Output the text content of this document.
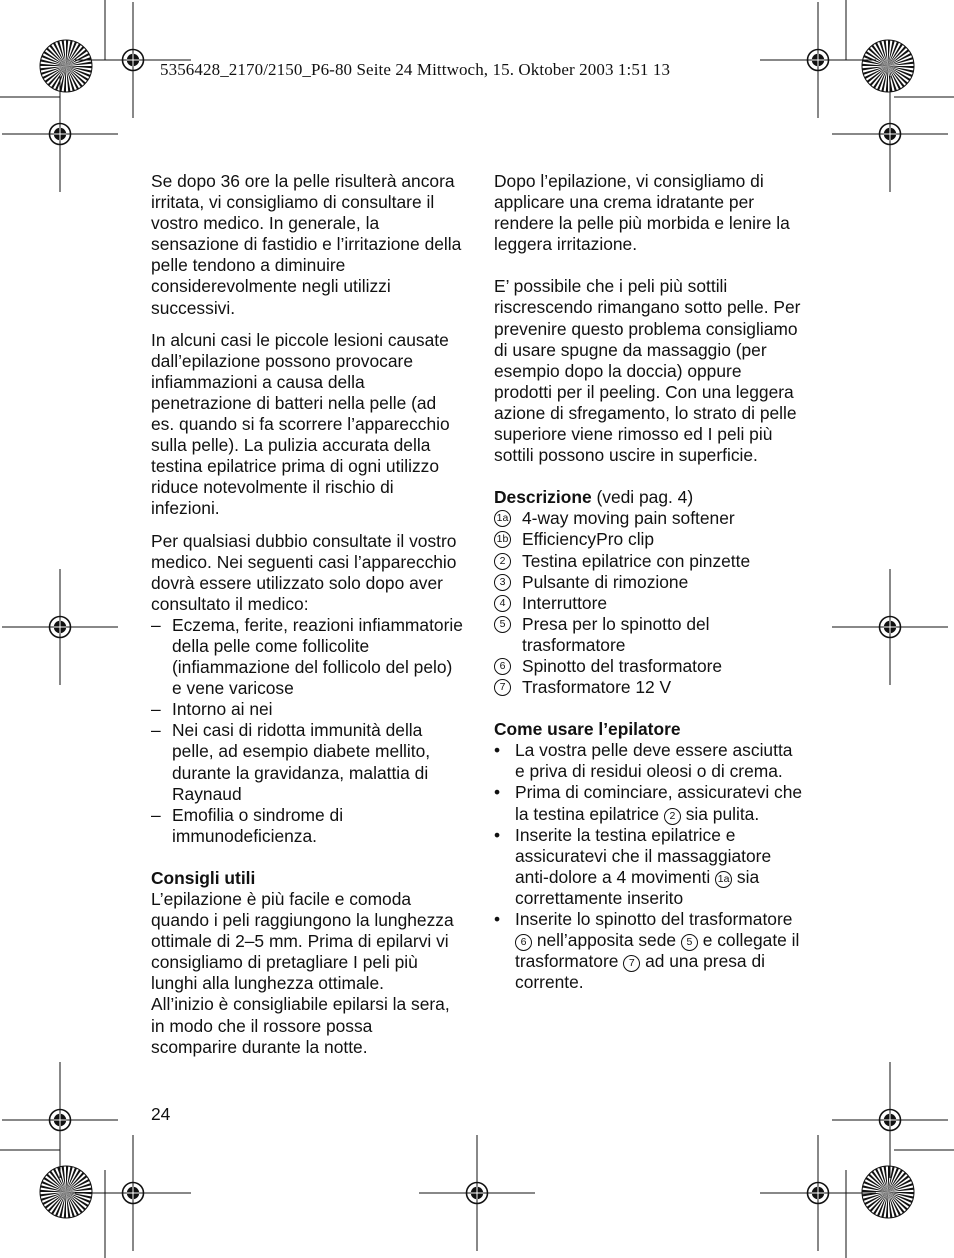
5356428_2170/2150_P6-80 Seite 24 Mittwoch, 15. Oktober 2003 1:51 13

Se dopo 36 ore la pelle risulterà ancora irritata, vi consigliamo di consultare il vostro medico. In generale, la sensazione di fastidio e l’irritazione della pelle tendono a diminuire considerevolmente negli utilizzi successivi.

In alcuni casi le piccole lesioni causate dall’epilazione possono provocare infiammazioni a causa della penetrazione di batteri nella pelle (ad es. quando si fa scorrere l’apparecchio sulla pelle). La pulizia accurata della testina epilatrice prima di ogni utilizzo riduce notevolmente il rischio di infezioni.

Per qualsiasi dubbio consultate il vostro medico. Nei seguenti casi l’apparecchio dovrà essere utilizzato solo dopo aver consultato il medico:

– Eczema, ferite, reazioni infiammatorie della pelle come follicolite (infiammazione del follicolo del pelo) e vene varicose
– Intorno ai nei
– Nei casi di ridotta immunità della pelle, ad esempio diabete mellito, durante la gravidanza, malattia di Raynaud
– Emofilia o sindrome di immunodeficienza.

Consigli utili

L’epilazione è più facile e comoda quando i peli raggiungono la lunghezza ottimale di 2–5 mm. Prima di epilarvi vi consigliamo di pretagliare I peli più lunghi alla lunghezza ottimale.

All’inizio è consigliabile epilarsi la sera, in modo che il rossore possa scomparire durante la notte.

Dopo l’epilazione, vi consigliamo di applicare una crema idratante per rendere la pelle più morbida e lenire la leggera irritazione.

E’ possibile che i peli più sottili riscrescendo rimangano sotto pelle. Per prevenire questo problema consigliamo di usare spugne da massaggio (per esempio dopo la doccia) oppure prodotti per il peeling. Con una leggera azione di sfregamento, lo strato di pelle superiore viene rimosso ed I peli più sottili possono uscire in superficie.

Descrizione (vedi pag. 4)

1a 4-way moving pain softener
1b EfficiencyPro clip
2 Testina epilatrice con pinzette
3 Pulsante di rimozione
4 Interruttore
5 Presa per lo spinotto del trasformatore
6 Spinotto del trasformatore
7 Trasformatore 12 V

Come usare l’epilatore

• La vostra pelle deve essere asciutta e priva di residui oleosi o di crema.
• Prima di cominciare, assicuratevi che la testina epilatrice 2 sia pulita.
• Inserite la testina epilatrice e assicuratevi che il massaggiatore anti-dolore a 4 movimenti 1a sia correttamente inserito
• Inserite lo spinotto del trasformatore 6 nell’apposita sede 5 e collegate il trasformatore 7 ad una presa di corrente.
24
